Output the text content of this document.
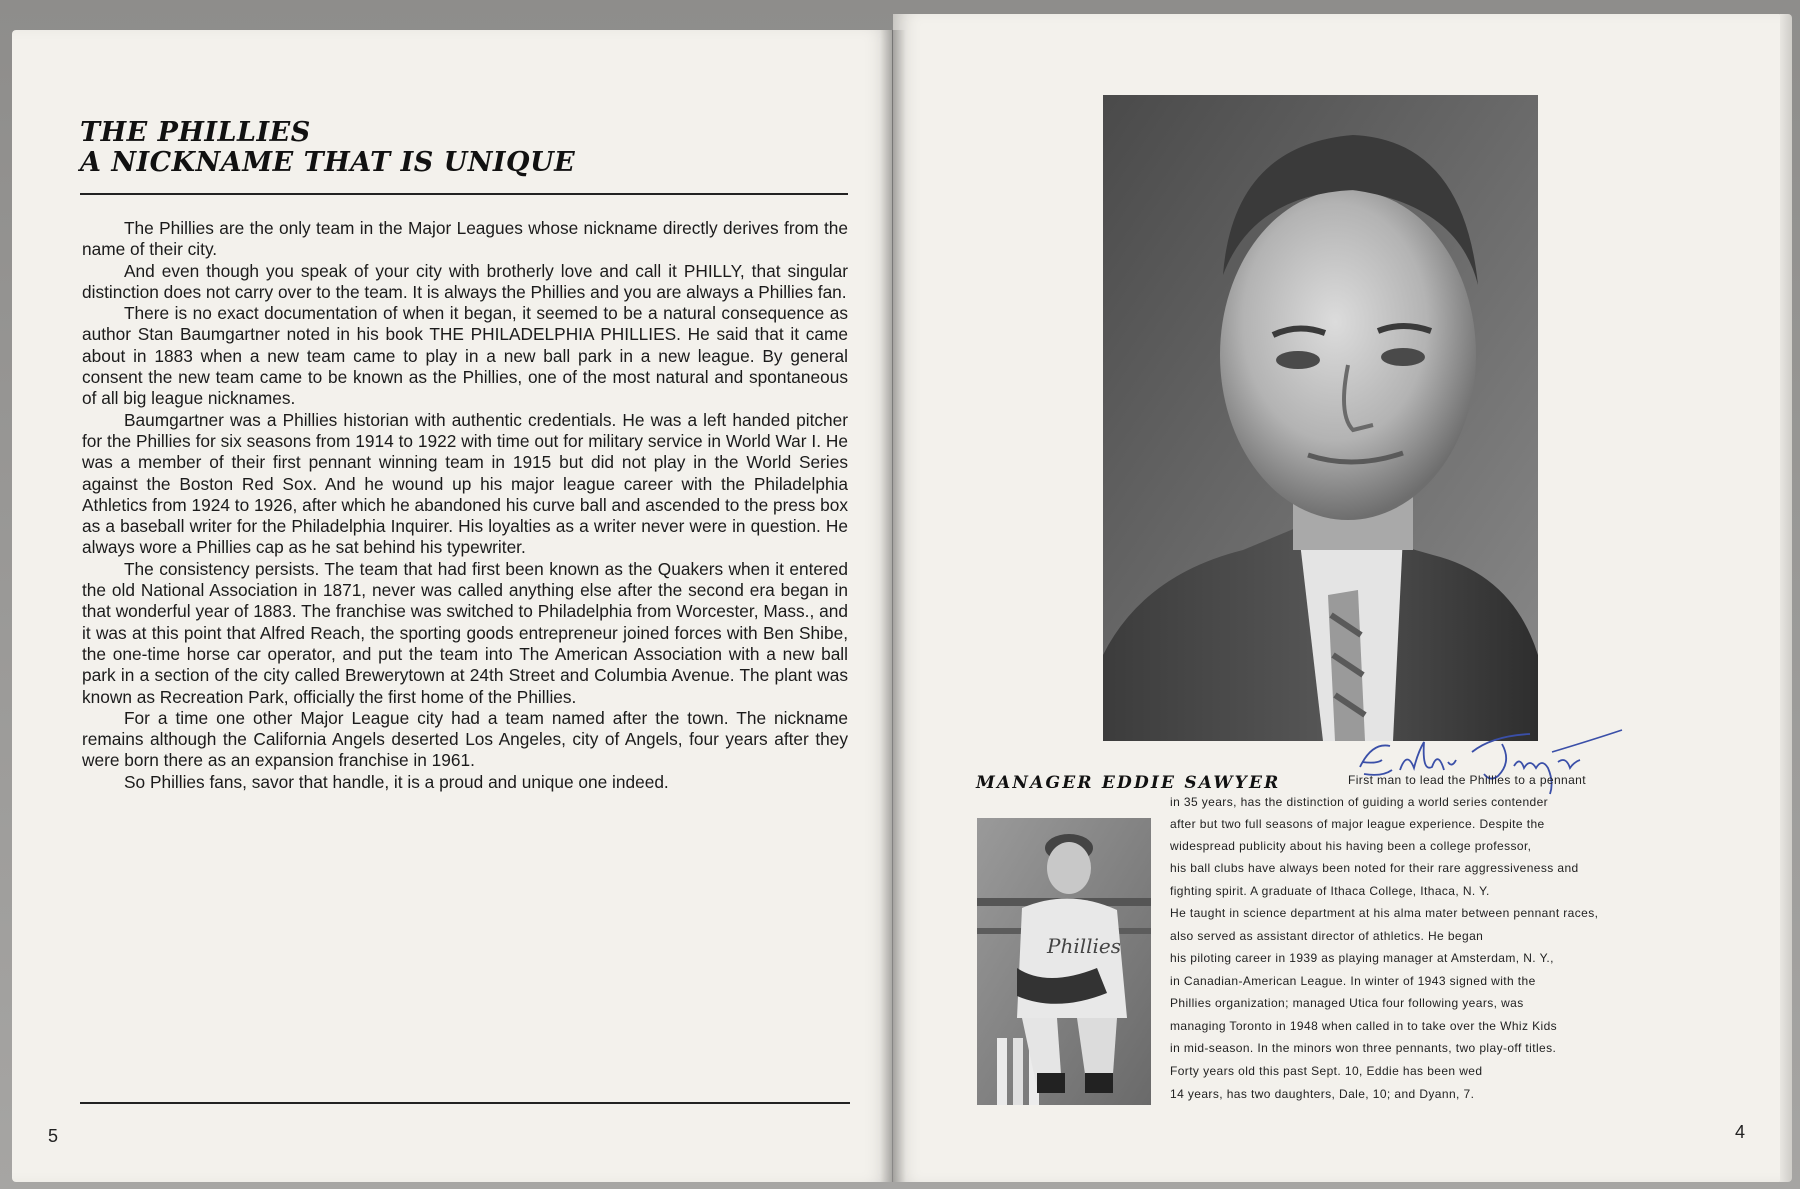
THE PHILLIES
A NICKNAME THAT IS UNIQUE

The Phillies are the only team in the Major Leagues whose nickname directly derives from the name of their city.

And even though you speak of your city with brotherly love and call it PHILLY, that singular distinction does not carry over to the team. It is always the Phillies and you are always a Phillies fan.

There is no exact documentation of when it began, it seemed to be a natural consequence as author Stan Baumgartner noted in his book THE PHILADELPHIA PHILLIES. He said that it came about in 1883 when a new team came to play in a new ball park in a new league. By general consent the new team came to be known as the Phillies, one of the most natural and spontaneous of all big league nicknames.

Baumgartner was a Phillies historian with authentic credentials. He was a left handed pitcher for the Phillies for six seasons from 1914 to 1922 with time out for military service in World War I. He was a member of their first pennant winning team in 1915 but did not play in the World Series against the Boston Red Sox. And he wound up his major league career with the Philadelphia Athletics from 1924 to 1926, after which he abandoned his curve ball and ascended to the press box as a baseball writer for the Philadelphia Inquirer. His loyalties as a writer never were in question. He always wore a Phillies cap as he sat behind his typewriter.

The consistency persists. The team that had first been known as the Quakers when it entered the old National Association in 1871, never was called anything else after the second era began in that wonderful year of 1883. The franchise was switched to Philadelphia from Worcester, Mass., and it was at this point that Alfred Reach, the sporting goods entrepreneur joined forces with Ben Shibe, the one-time horse car operator, and put the team into The American Association with a new ball park in a section of the city called Brewerytown at 24th Street and Columbia Avenue. The plant was known as Recreation Park, officially the first home of the Phillies.

For a time one other Major League city had a team named after the town. The nickname remains although the California Angels deserted Los Angeles, city of Angels, four years after they were born there as an expansion franchise in 1961.

So Phillies fans, savor that handle, it is a proud and unique one indeed.

5
MANAGER EDDIE SAWYER
Phillies
First man to lead the Phillies to a pennant
in 35 years, has the distinction of guiding a world series contender
after but two full seasons of major league experience. Despite the
widespread publicity about his having been a college professor,
his ball clubs have always been noted for their rare aggressiveness and
fighting spirit. A graduate of Ithaca College, Ithaca, N. Y.
He taught in science department at his alma mater between pennant races,
also served as assistant director of athletics. He began
his piloting career in 1939 as playing manager at Amsterdam, N. Y.,
in Canadian-American League. In winter of 1943 signed with the
Phillies organization; managed Utica four following years, was
managing Toronto in 1948 when called in to take over the Whiz Kids
in mid-season. In the minors won three pennants, two play-off titles.
Forty years old this past Sept. 10, Eddie has been wed
14 years, has two daughters, Dale, 10; and Dyann, 7.
4
